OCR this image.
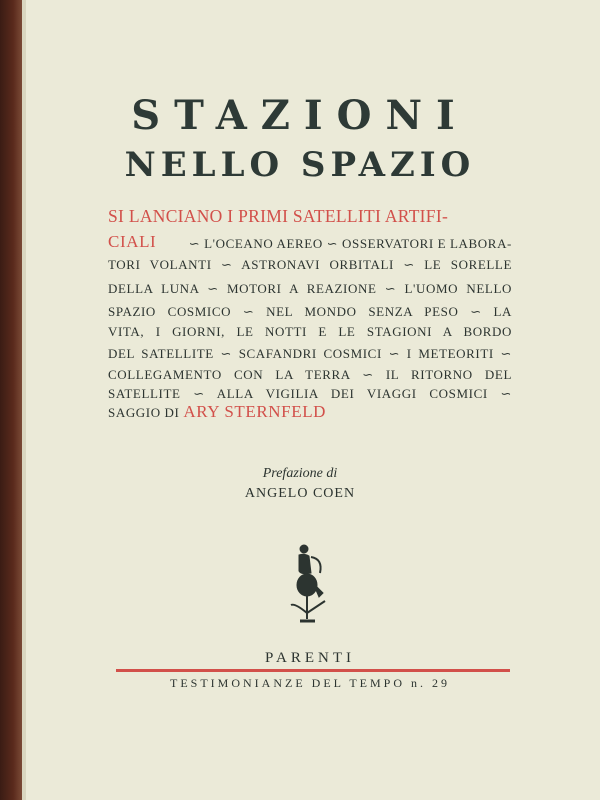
STAZIONI
NELLO SPAZIO
SI LANCIANO I PRIMI SATELLITI ARTIFI-
CIALI ∽ L'OCEANO AEREO ∽ OSSERVATORI E LABORA-
TORI VOLANTI ∽ ASTRONAVI ORBITALI ∽ LE SORELLE
DELLA LUNA ∽ MOTORI A REAZIONE ∽ L'UOMO NELLO
SPAZIO COSMICO ∽ NEL MONDO SENZA PESO ∽ LA
VITA, I GIORNI, LE NOTTI E LE STAGIONI A BORDO
DEL SATELLITE ∽ SCAFANDRI COSMICI ∽ I METEORITI ∽
COLLEGAMENTO CON LA TERRA ∽ IL RITORNO DEL
SATELLITE ∽ ALLA VIGILIA DEI VIAGGI COSMICI ∽
SAGGIO DI ARY STERNFELD
Prefazione di
ANGELO COEN
PARENTI
TESTIMONIANZE DEL TEMPO n. 29
